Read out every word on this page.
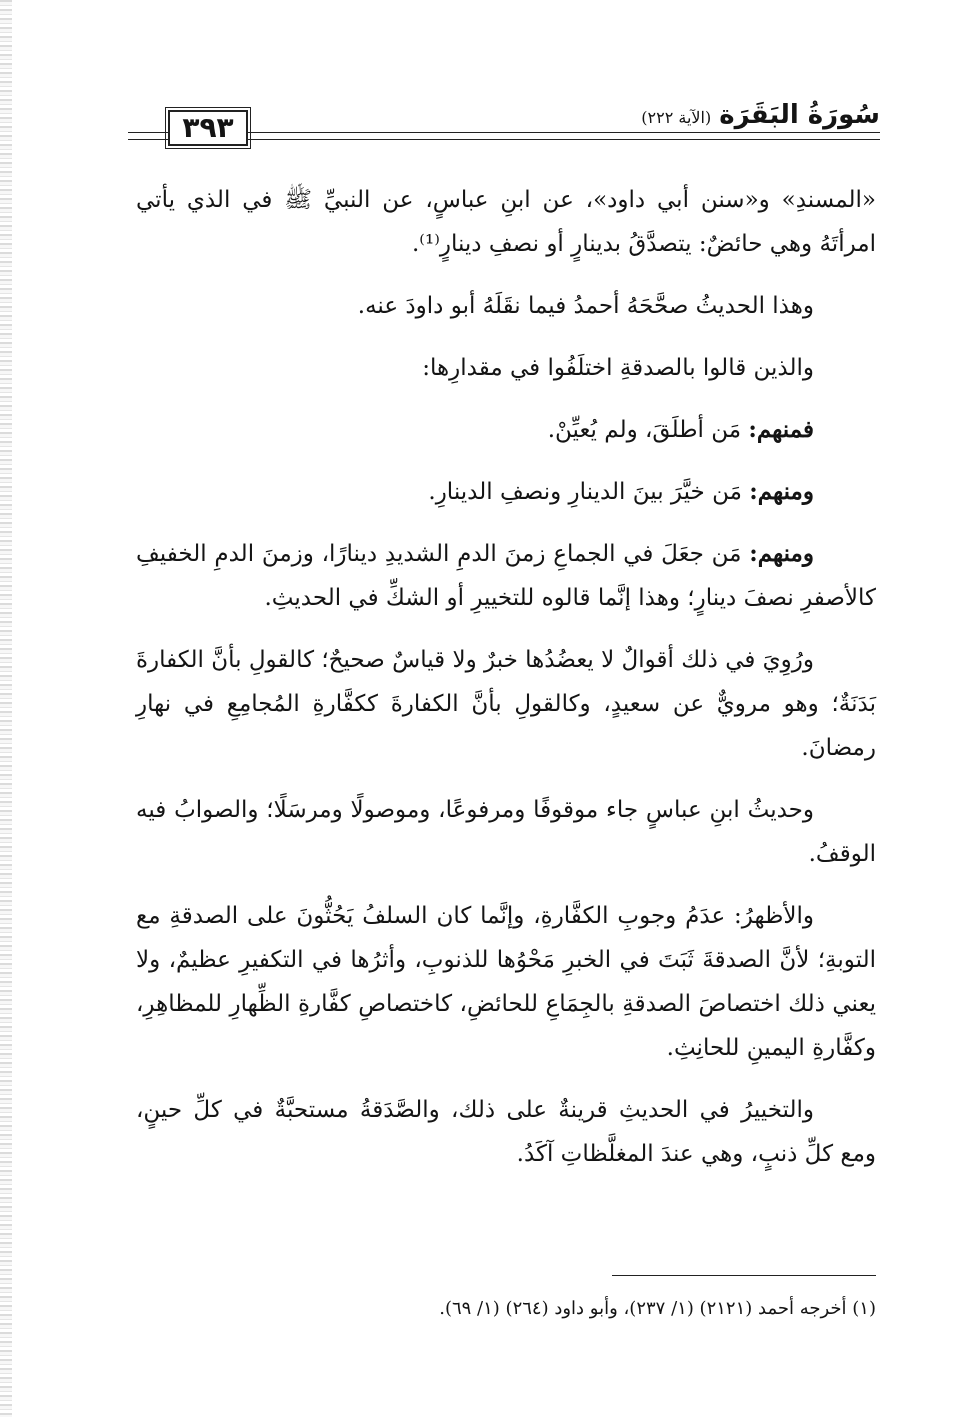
٣٩٣	سُورَةُ البَقَرَة(الآية ٢٢٢)

«المسندِ» و«سنن أبي داود»، عن ابنِ عباسٍ، عن النبيِّ ﷺ في الذي يأتي امرأتَهُ وهي حائضٌ: يتصدَّقُ بدينارٍ أو نصفِ دينارٍ⁽¹⁾.

وهذا الحديثُ صحَّحَهُ أحمدُ فيما نقَلَهُ أبو داودَ عنه.

والذين قالوا بالصدقةِ اختلَفُوا في مقدارِها:

فمنهم: مَن أطلَقَ، ولم يُعيِّنْ.

ومنهم: مَن خيَّرَ بينَ الدينارِ ونصفِ الدينارِ.

ومنهم: مَن جعَلَ في الجماعِ زمنَ الدمِ الشديدِ دينارًا، وزمنَ الدمِ الخفيفِ كالأصفرِ نصفَ دينارٍ؛ وهذا إنَّما قالوه للتخييرِ أو الشكِّ في الحديثِ.

ورُوِيَ في ذلك أقوالٌ لا يعضُدُها خبرٌ ولا قياسٌ صحيحٌ؛ كالقولِ بأنَّ الكفارةَ بَدَنَةٌ؛ وهو مرويٌّ عن سعيدٍ، وكالقولِ بأنَّ الكفارةَ ككفَّارةِ المُجامِعِ في نهارِ رمضانَ.

وحديثُ ابنِ عباسٍ جاء موقوفًا ومرفوعًا، وموصولًا ومرسَلًا؛ والصوابُ فيه الوقفُ.

والأظهرُ: عدَمُ وجوبِ الكفَّارةِ، وإنَّما كان السلفُ يَحُثُّونَ على الصدقةِ مع التوبةِ؛ لأنَّ الصدقةَ ثَبَتَ في الخبرِ مَحْوُها للذنوبِ، وأثرُها في التكفيرِ عظيمٌ، ولا يعني ذلك اختصاصَ الصدقةِ بالجِمَاعِ للحائضِ، كاختصاصِ كفَّارةِ الظِّهارِ للمظاهِرِ، وكفَّارةِ اليمينِ للحانِثِ.

والتخييرُ في الحديثِ قرينةٌ على ذلك، والصَّدَقةُ مستحبَّةٌ في كلِّ حينٍ، ومع كلِّ ذنبٍ، وهي عندَ المغلَّظاتِ آكَدُ.

(١) أخرجه أحمد (٢١٢١) (١/ ٢٣٧)، وأبو داود (٢٦٤) (١/ ٦٩).
